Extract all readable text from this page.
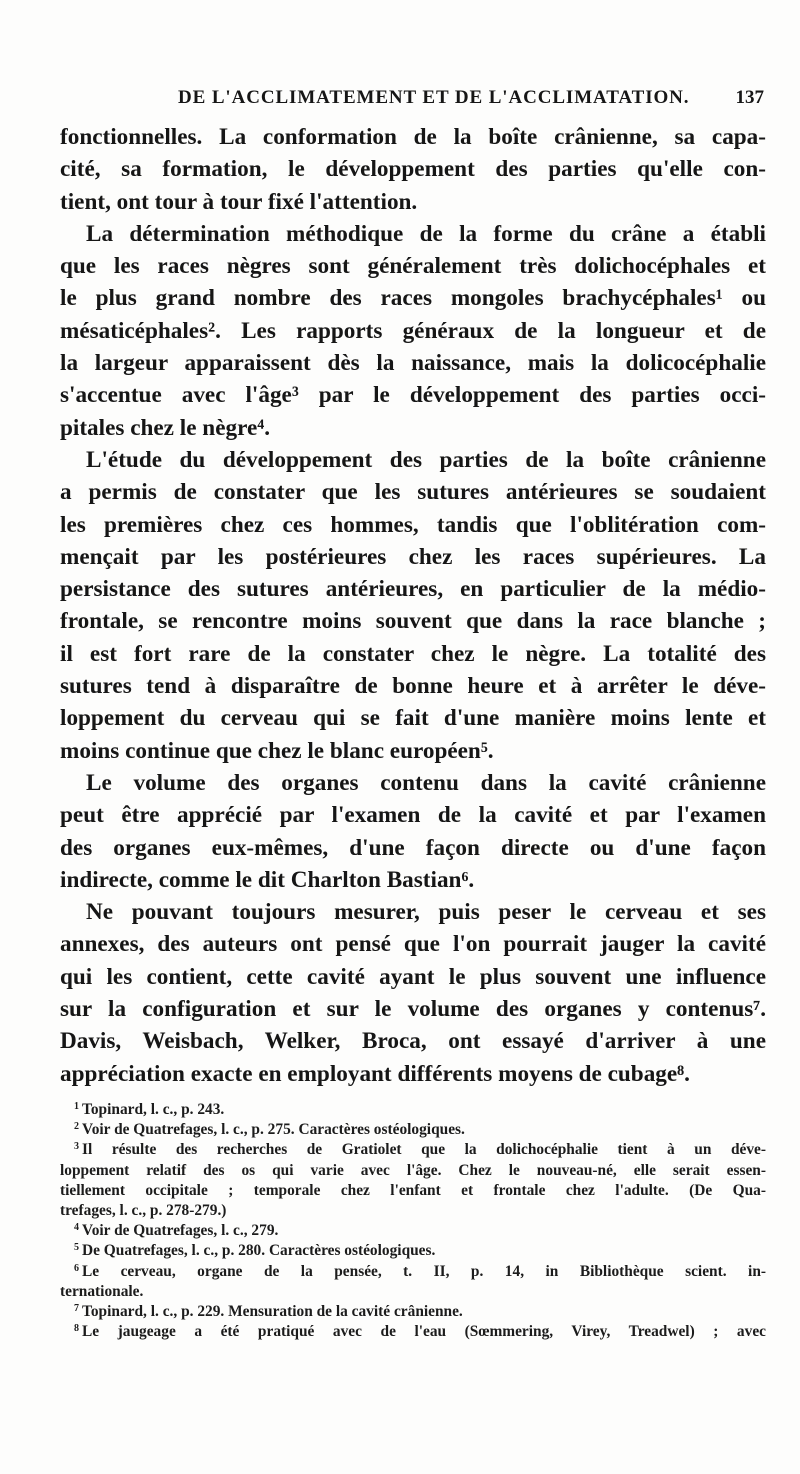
DE L'ACCLIMATEMENT ET DE L'ACCLIMATATION. 137
fonctionnelles. La conformation de la boîte crânienne, sa capa-
cité, sa formation, le développement des parties qu'elle con-
tient, ont tour à tour fixé l'attention.
La détermination méthodique de la forme du crâne a établi
que les races nègres sont généralement très dolichocéphales et
le plus grand nombre des races mongoles brachycéphales¹ ou
mésaticéphales². Les rapports généraux de la longueur et de
la largeur apparaissent dès la naissance, mais la dolicocéphalie
s'accentue avec l'âge³ par le développement des parties occi-
pitales chez le nègre⁴.
L'étude du développement des parties de la boîte crânienne
a permis de constater que les sutures antérieures se soudaient
les premières chez ces hommes, tandis que l'oblitération com-
mençait par les postérieures chez les races supérieures. La
persistance des sutures antérieures, en particulier de la médio-
frontale, se rencontre moins souvent que dans la race blanche ;
il est fort rare de la constater chez le nègre. La totalité des
sutures tend à disparaître de bonne heure et à arrêter le déve-
loppement du cerveau qui se fait d'une manière moins lente et
moins continue que chez le blanc européen⁵.
Le volume des organes contenu dans la cavité crânienne
peut être apprécié par l'examen de la cavité et par l'examen
des organes eux-mêmes, d'une façon directe ou d'une façon
indirecte, comme le dit Charlton Bastian⁶.
Ne pouvant toujours mesurer, puis peser le cerveau et ses
annexes, des auteurs ont pensé que l'on pourrait jauger la cavité
qui les contient, cette cavité ayant le plus souvent une influence
sur la configuration et sur le volume des organes y contenus⁷.
Davis, Weisbach, Welker, Broca, ont essayé d'arriver à une
appréciation exacte en employant différents moyens de cubage⁸.
$^1$ Topinard, l. c., p. 243.
$^2$ Voir de Quatrefages, l. c., p. 275. Caractères ostéologiques.
$^3$ Il résulte des recherches de Gratiolet que la dolichocéphalie tient à un déve-
loppement relatif des os qui varie avec l'âge. Chez le nouveau-né, elle serait essen-
tiellement occipitale ; temporale chez l'enfant et frontale chez l'adulte. (De Qua-
trefages, l. c., p. 278-279.)
$^4$ Voir de Quatrefages, l. c., 279.
$^5$ De Quatrefages, l. c., p. 280. Caractères ostéologiques.
$^6$ Le cerveau, organe de la pensée, t. II, p. 14, in Bibliothèque scient. in-
ternationale.
$^7$ Topinard, l. c., p. 229. Mensuration de la cavité crânienne.
$^8$ Le jaugeage a été pratiqué avec de l'eau (Sœmmering, Virey, Treadwel) ; avec
